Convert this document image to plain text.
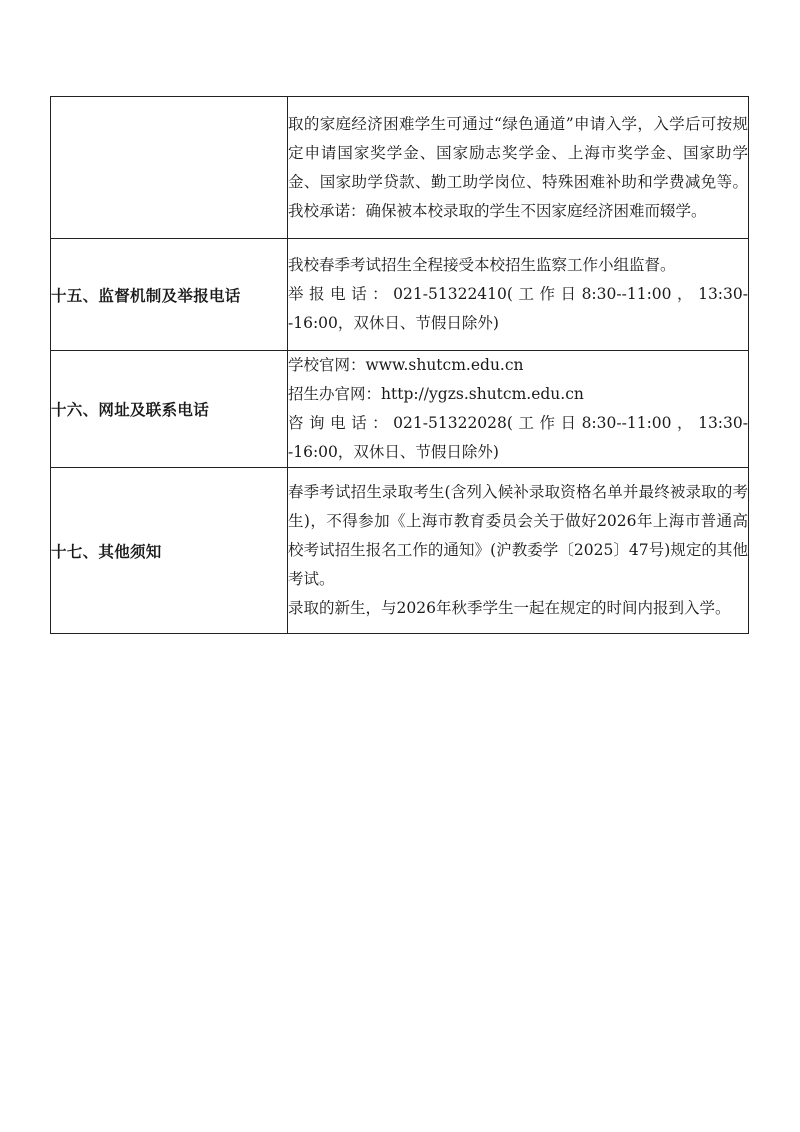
	取的家庭经济困难学生可通过“绿色通道”申请入学，入学后可按规定申请国家奖学金、国家励志奖学金、上海市奖学金、国家助学金、国家助学贷款、勤工助学岗位、特殊困难补助和学费减免等。我校承诺：确保被本校录取的学生不因家庭经济困难而辍学。

十五、监督机制及举报电话	我校春季考试招生全程接受本校招生监察工作小组监督。

举报电话：021-51322410(工作日8:30--11:00，13:30--16:00，双休日、节假日除外)

十六、网址及联系电话	学校官网：www.shutcm.edu.cn

招生办官网：http://ygzs.shutcm.edu.cn

咨询电话：021-51322028(工作日8:30--11:00，13:30--16:00，双休日、节假日除外)

十七、其他须知	春季考试招生录取考生(含列入候补录取资格名单并最终被录取的考生)，不得参加《上海市教育委员会关于做好2026年上海市普通高校考试招生报名工作的通知》(沪教委学〔2025〕47号)规定的其他考试。

录取的新生，与2026年秋季学生一起在规定的时间内报到入学。
